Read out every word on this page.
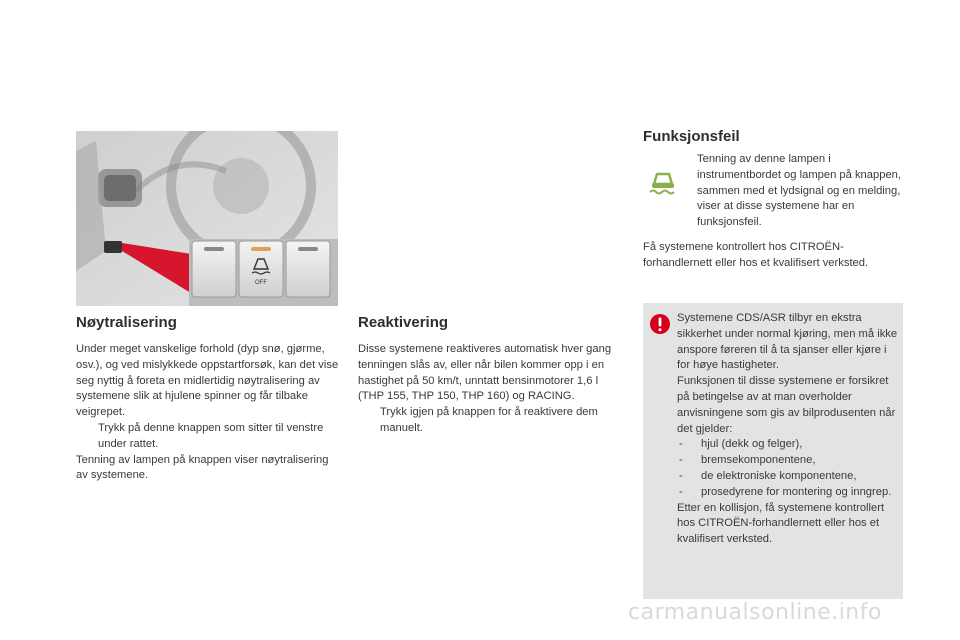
OFF
Nøytralisering

Under meget vanskelige forhold (dyp snø, gjørme, osv.), og ved mislykkede oppstartforsøk, kan det vise seg nyttig å foreta en midlertidig nøytralisering av systemene slik at hjulene spinner og får tilbake veigrepet.

Trykk på denne knappen som sitter til venstre under rattet.

Tenning av lampen på knappen viser nøytralisering av systemene.

Reaktivering

Disse systemene reaktiveres automatisk hver gang tenningen slås av, eller når bilen kommer opp i en hastighet på 50 km/t, unntatt bensinmotorer 1,6 l (THP 155, THP 150, THP 160) og RACING.

Trykk igjen på knappen for å reaktivere dem manuelt.
Funksjonsfeil
Tenning av denne lampen i instrumentbordet og lampen på knappen, sammen med et lydsignal og en melding, viser at disse systemene har en funksjonsfeil.
Få systemene kontrollert hos CITROËN-forhandlernett eller hos et kvalifisert verksted.

Systemene CDS/ASR tilbyr en ekstra sikkerhet under normal kjøring, men må ikke anspore føreren til å ta sjanser eller kjøre i for høye hastigheter.

Funksjonen til disse systemene er forsikret på betingelse av at man overholder anvisningene som gis av bilprodusenten når det gjelder:

-	hjul (dekk og felger),
-	bremsekomponentene,
-	de elektroniske komponentene,
-	prosedyrene for montering og inngrep.

Etter en kollisjon, få systemene kontrollert hos CITROËN-forhandlernett eller hos et kvalifisert verksted.

carmanualsonline.info
